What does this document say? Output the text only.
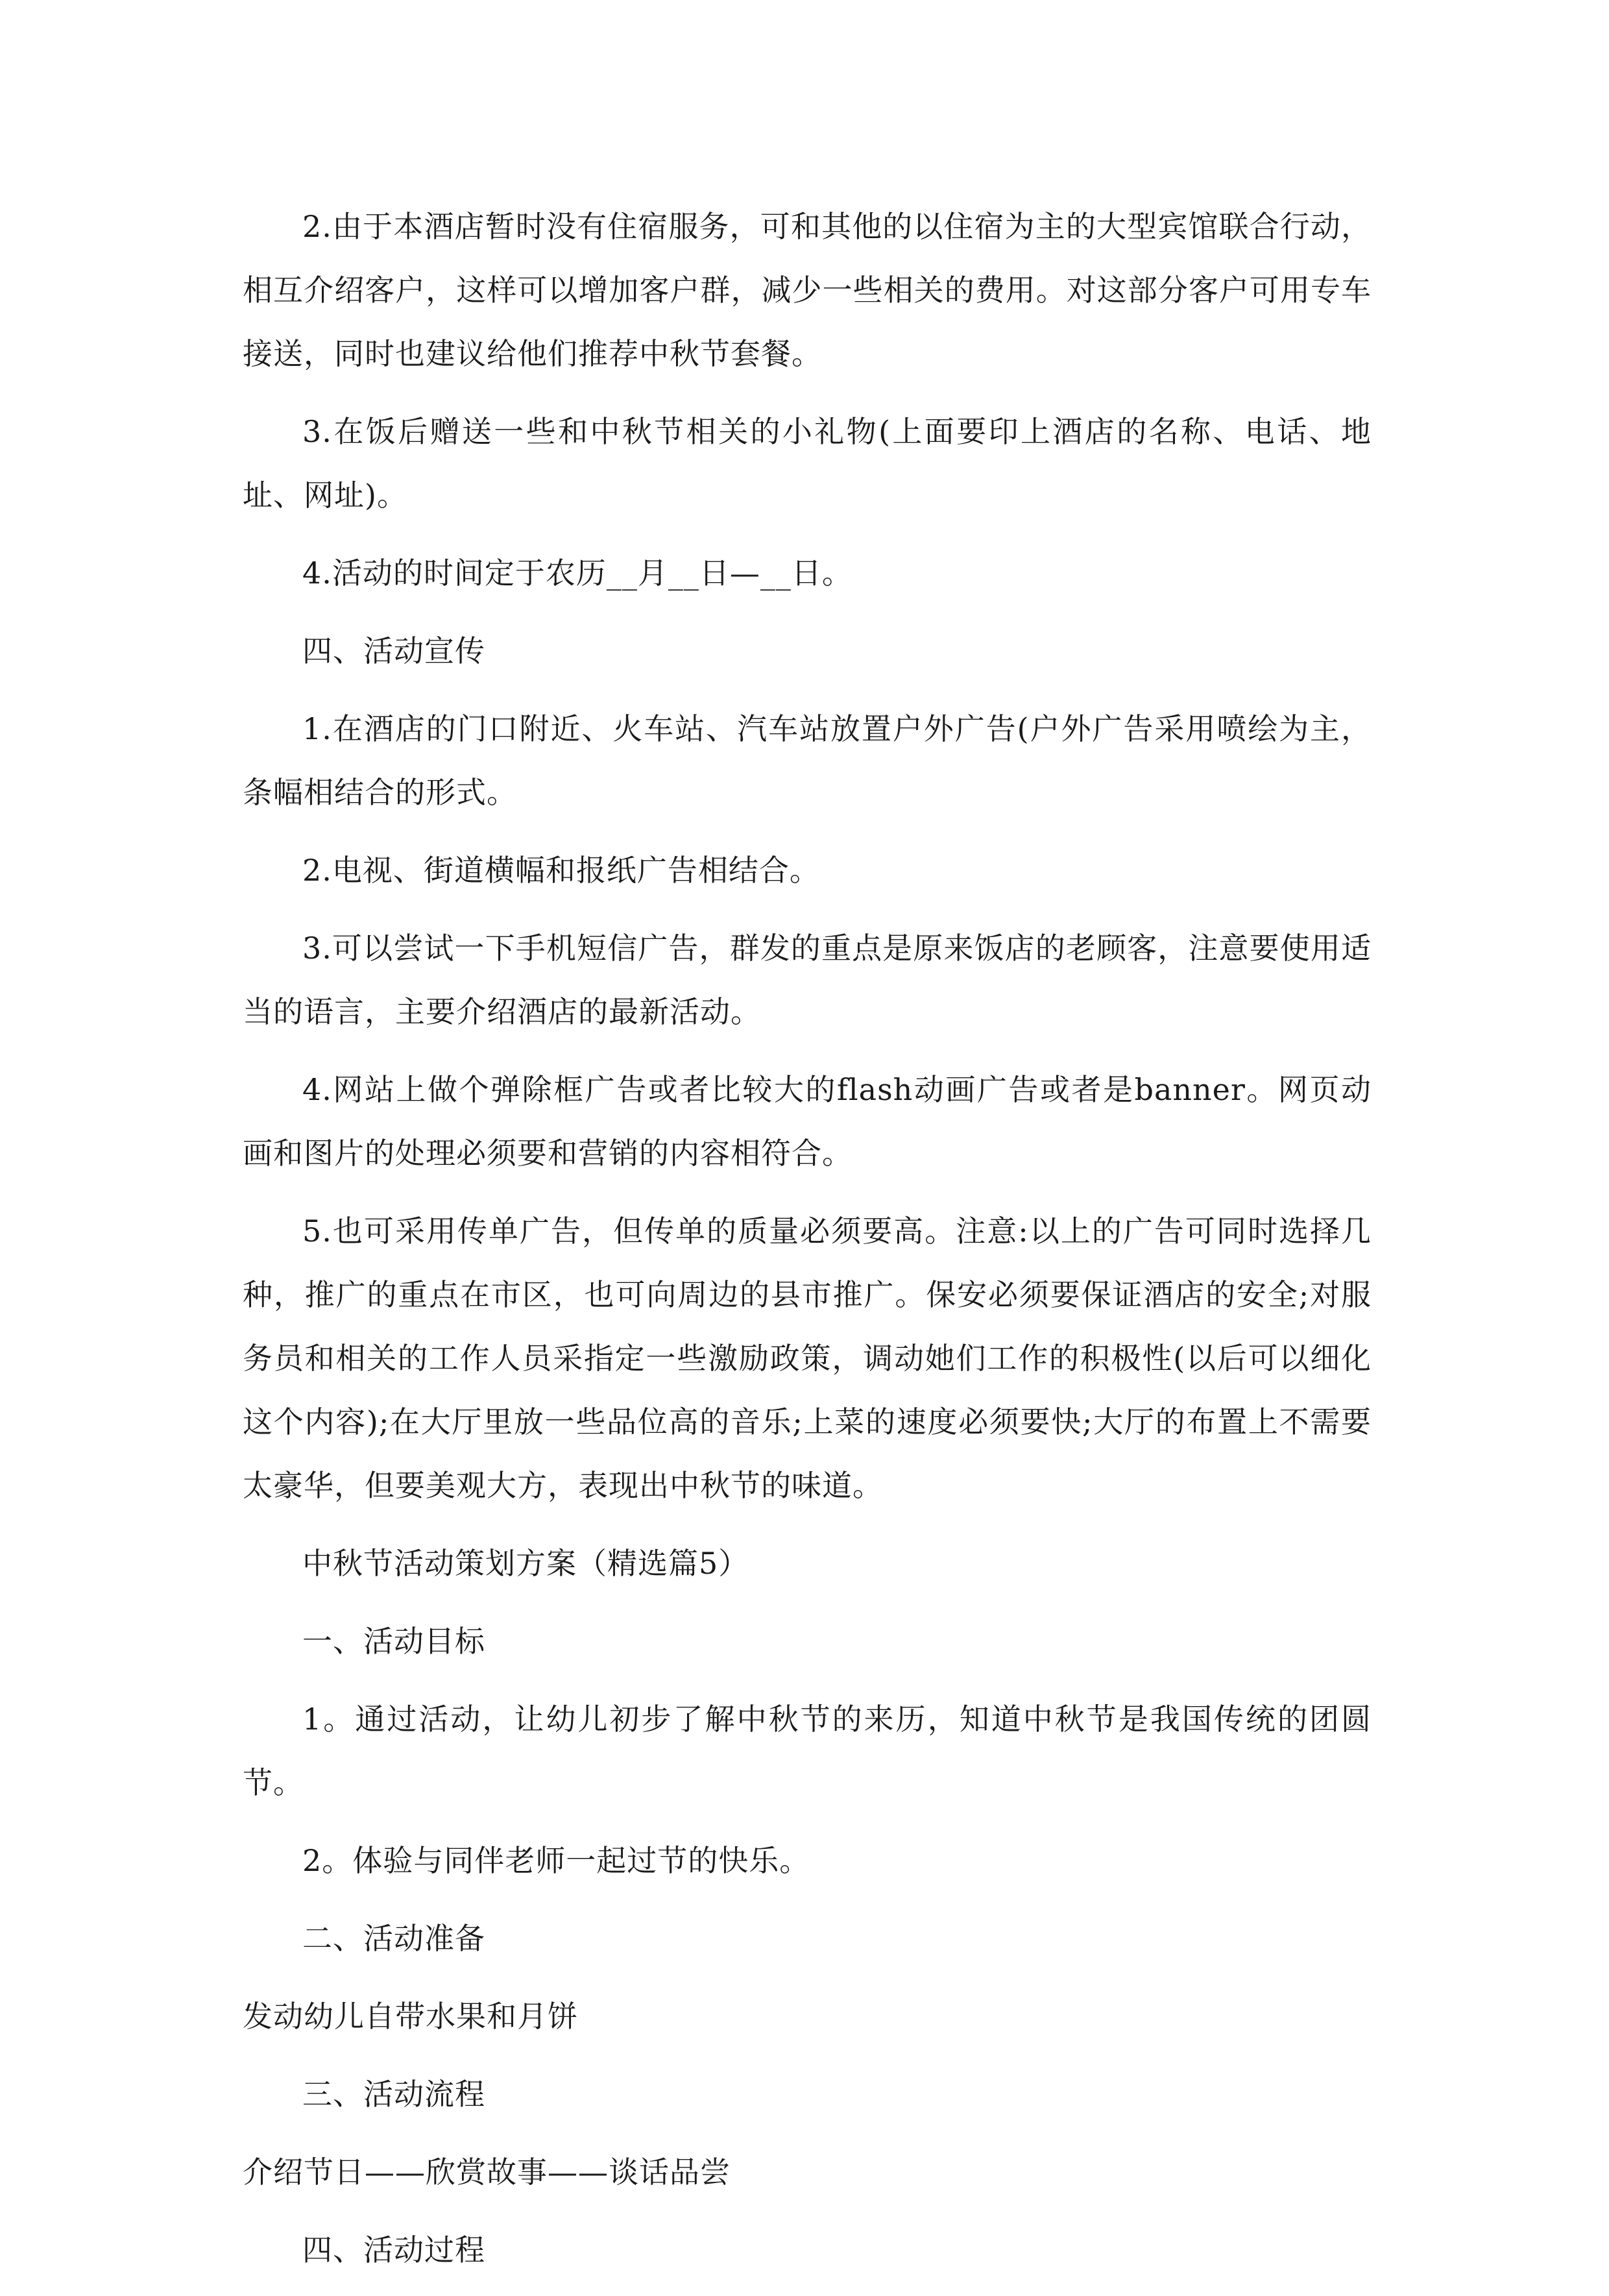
2.由于本酒店暂时没有住宿服务，可和其他的以住宿为主的大型宾馆联合行动，相互介绍客户，这样可以增加客户群，减少一些相关的费用。对这部分客户可用专车接送，同时也建议给他们推荐中秋节套餐。

3.在饭后赠送一些和中秋节相关的小礼物(上面要印上酒店的名称、电话、地址、网址)。

4.活动的时间定于农历__月__日—__日。

四、活动宣传

1.在酒店的门口附近、火车站、汽车站放置户外广告(户外广告采用喷绘为主，条幅相结合的形式。

2.电视、街道横幅和报纸广告相结合。

3.可以尝试一下手机短信广告，群发的重点是原来饭店的老顾客，注意要使用适当的语言，主要介绍酒店的最新活动。

4.网站上做个弹除框广告或者比较大的flash动画广告或者是banner。网页动画和图片的处理必须要和营销的内容相符合。

5.也可采用传单广告，但传单的质量必须要高。注意:以上的广告可同时选择几种，推广的重点在市区，也可向周边的县市推广。保安必须要保证酒店的安全;对服务员和相关的工作人员采指定一些激励政策，调动她们工作的积极性(以后可以细化这个内容);在大厅里放一些品位高的音乐;上菜的速度必须要快;大厅的布置上不需要太豪华，但要美观大方，表现出中秋节的味道。

中秋节活动策划方案（精选篇5）

一、活动目标

1。通过活动，让幼儿初步了解中秋节的来历，知道中秋节是我国传统的团圆节。

2。体验与同伴老师一起过节的快乐。

二、活动准备

发动幼儿自带水果和月饼

三、活动流程

介绍节日——欣赏故事——谈话品尝

四、活动过程
